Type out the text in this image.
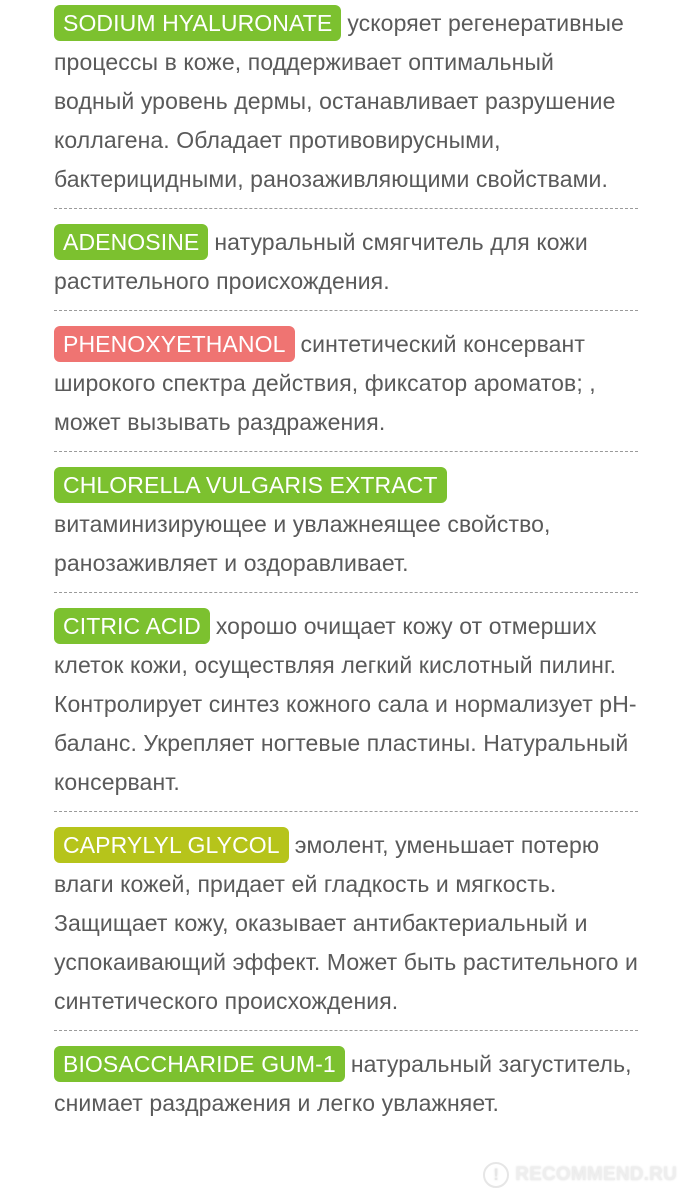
SODIUM HYALURONATE ускоряет регенеративные процессы в коже, поддерживает оптимальный водный уровень дермы, останавливает разрушение коллагена. Обладает противовирусными, бактерицидными, ранозаживляющими свойствами.
ADENOSINE натуральный смягчитель для кожи растительного происхождения.
PHENOXYETHANOL синтетический консервант широкого спектра действия, фиксатор ароматов; , может вызывать раздражения.
CHLORELLA VULGARIS EXTRACT
витаминизирующее и увлажнеящее свойство, ранозаживляет и оздоравливает.
CITRIC ACID хорошо очищает кожу от отмерших клеток кожи, осуществляя легкий кислотный пилинг. Контролирует синтез кожного сала и нормализует pH-баланс. Укрепляет ногтевые пластины. Натуральный консервант.
CAPRYLYL GLYCOL эмолент, уменьшает потерю влаги кожей, придает ей гладкость и мягкость. Защищает кожу, оказывает антибактериальный и успокаивающий эффект. Может быть растительного и синтетического происхождения.
BIOSACCHARIDE GUM-1 натуральный загуститель, снимает раздражения и легко увлажняет.
! RECOMMEND.RU
